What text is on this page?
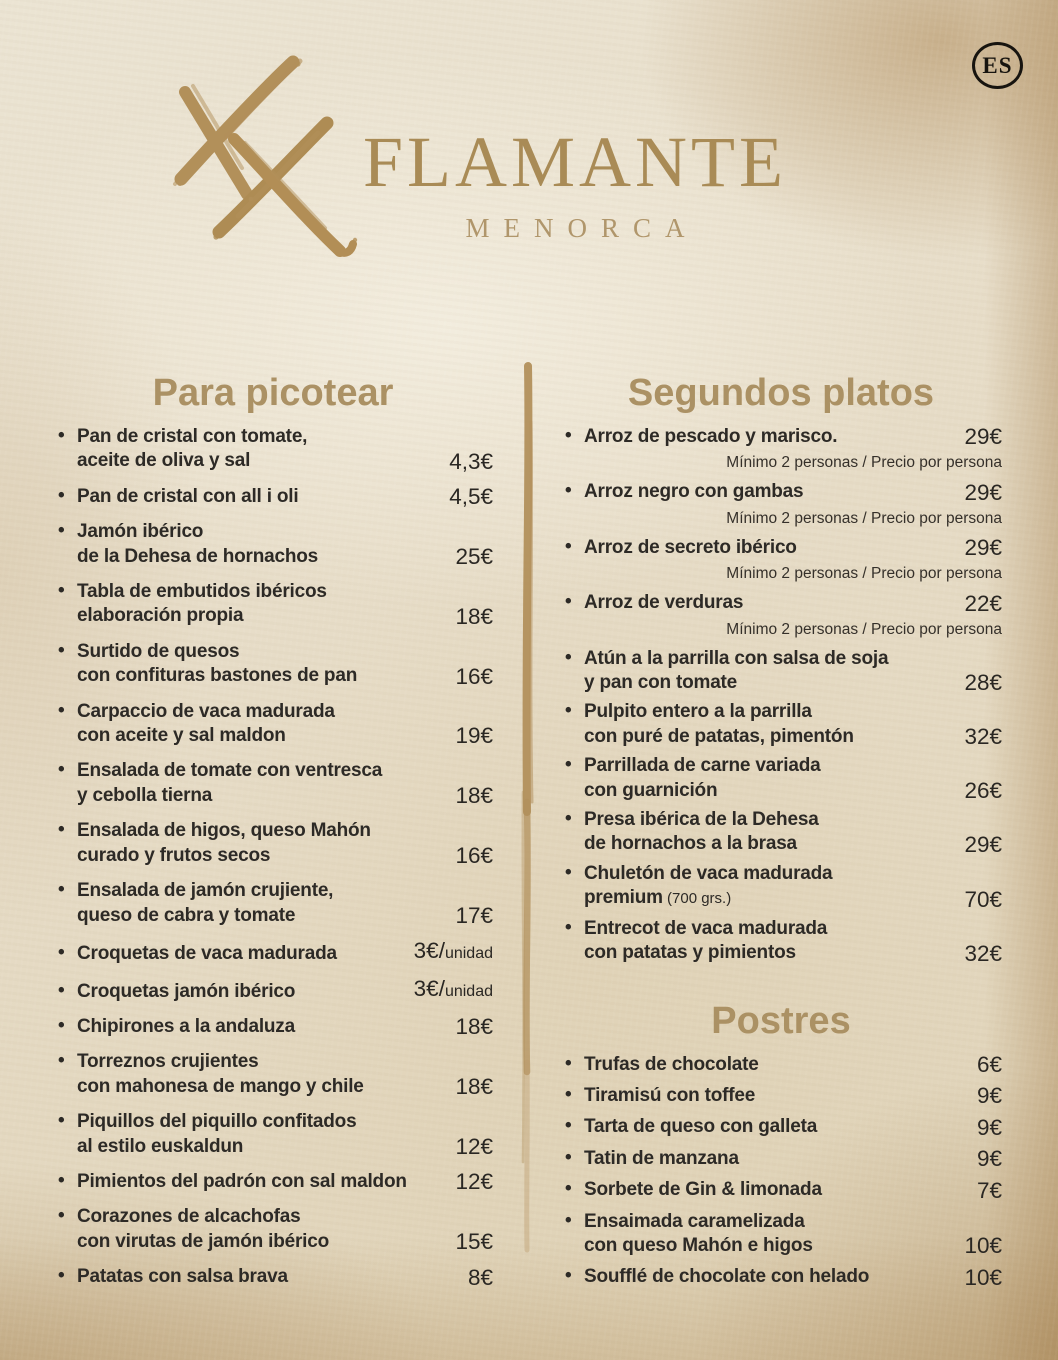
FLAMANTE
MENORCA
ES
Para picotear
• Pan de cristal con tomate,
aceite de oliva y sal	4,3€
• Pan de cristal con all i oli	4,5€
• Jamón ibérico
de la Dehesa de hornachos	25€
• Tabla de embutidos ibéricos
elaboración propia	18€
• Surtido de quesos
con confituras bastones de pan	16€
• Carpaccio de vaca madurada
con aceite y sal maldon	19€
• Ensalada de tomate con ventresca
y cebolla tierna	18€
• Ensalada de higos, queso Mahón
curado y frutos secos	16€
• Ensalada de jamón crujiente,
queso de cabra y tomate	17€
• Croquetas de vaca madurada	3€/unidad
• Croquetas jamón ibérico	3€/unidad
• Chipirones a la andaluza	18€
• Torreznos crujientes
con mahonesa de mango y chile	18€
• Piquillos del piquillo confitados
al estilo euskaldun	12€
• Pimientos del padrón con sal maldon 12€
• Corazones de alcachofas
con virutas de jamón ibérico	15€
• Patatas con salsa brava	8€
Segundos platos
• Arroz de pescado y marisco.	29€
Mínimo 2 personas / Precio por persona
• Arroz negro con gambas	29€
Mínimo 2 personas / Precio por persona
• Arroz de secreto ibérico	29€
Mínimo 2 personas / Precio por persona
• Arroz de verduras	22€
Mínimo 2 personas / Precio por persona
• Atún a la parrilla con salsa de soja
y pan con tomate	28€
• Pulpito entero a la parrilla
con puré de patatas, pimentón	32€
• Parrillada de carne variada
con guarnición	26€
• Presa ibérica de la Dehesa
de hornachos a la brasa	29€
• Chuletón de vaca madurada
premium (700 grs.)	70€
• Entrecot de vaca madurada
con patatas y pimientos	32€
Postres
• Trufas de chocolate	6€
• Tiramisú con toffee	9€
• Tarta de queso con galleta	9€
• Tatin de manzana	9€
• Sorbete de Gin & limonada	7€
• Ensaimada caramelizada
con queso Mahón e higos	10€
• Soufflé de chocolate con helado	10€
